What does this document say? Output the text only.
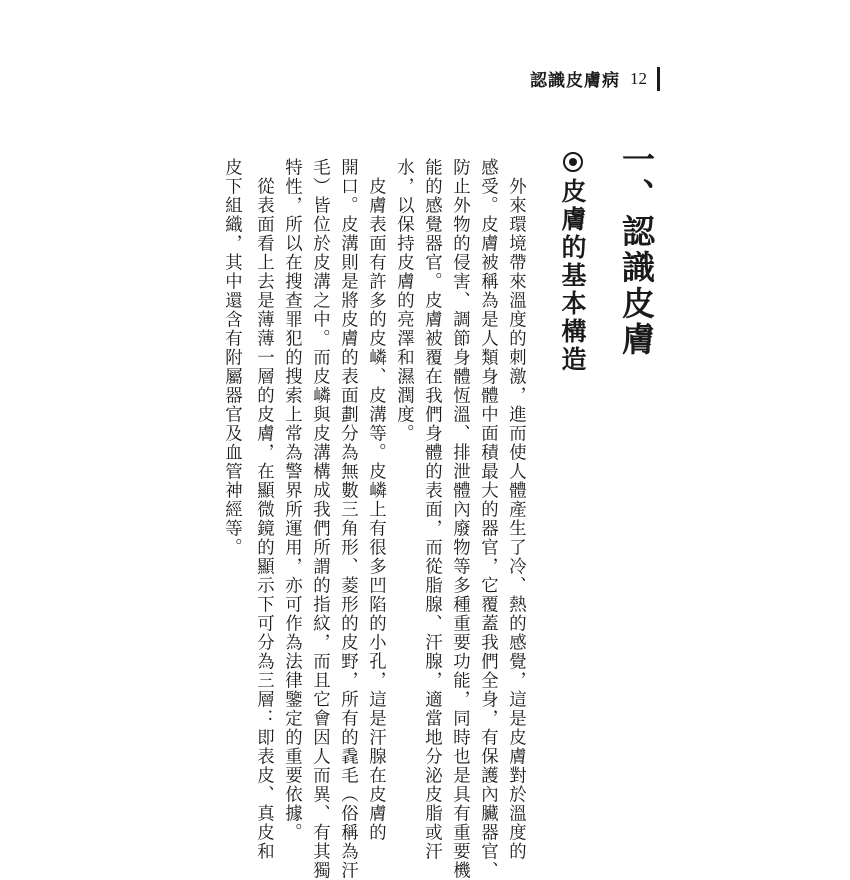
認識皮膚病 12
一、認識皮膚
皮膚的基本構造
　外來環境帶來溫度的刺激，進而使人體產生了冷、熱的感覺，這是皮膚對於溫度的
感受。皮膚被稱為是人類身體中面積最大的器官，它覆蓋我們全身，有保護內臟器官、
防止外物的侵害、調節身體恆溫、排泄體內廢物等多種重要功能，同時也是具有重要機
能的感覺器官。皮膚被覆在我們身體的表面，而從脂腺、汗腺，適當地分泌皮脂或汗
水，以保持皮膚的亮澤和濕潤度。
　皮膚表面有許多的皮嶙、皮溝等。皮嶙上有很多凹陷的小孔，這是汗腺在皮膚的
開口。皮溝則是將皮膚的表面劃分為無數三角形、菱形的皮野，所有的毳毛（俗稱為汗
毛）皆位於皮溝之中。而皮嶙與皮溝構成我們所謂的指紋，而且它會因人而異、有其獨
特性，所以在搜查罪犯的搜索上常為警界所運用，亦可作為法律鑒定的重要依據。
　從表面看上去是薄薄一層的皮膚，在顯微鏡的顯示下可分為三層：即表皮、真皮和
皮下組織，其中還含有附屬器官及血管神經等。
